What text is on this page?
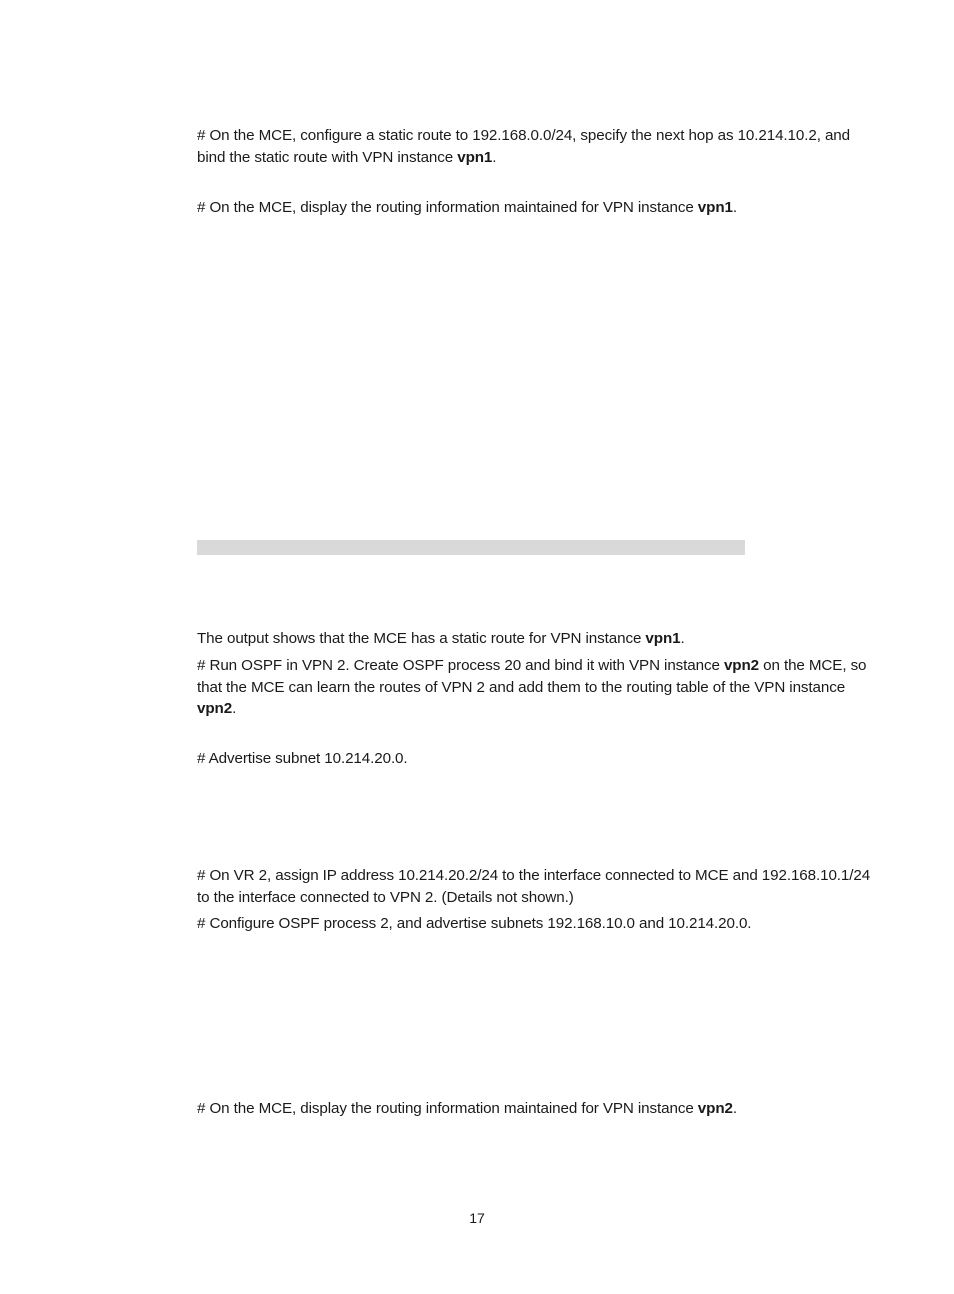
# On the MCE, configure a static route to 192.168.0.0/24, specify the next hop as 10.214.10.2, and bind the static route with VPN instance vpn1.

# On the MCE, display the routing information maintained for VPN instance vpn1.

The output shows that the MCE has a static route for VPN instance vpn1.

# Run OSPF in VPN 2. Create OSPF process 20 and bind it with VPN instance vpn2 on the MCE, so that the MCE can learn the routes of VPN 2 and add them to the routing table of the VPN instance vpn2.

# Advertise subnet 10.214.20.0.

# On VR 2, assign IP address 10.214.20.2/24 to the interface connected to MCE and 192.168.10.1/24 to the interface connected to VPN 2. (Details not shown.)

# Configure OSPF process 2, and advertise subnets 192.168.10.0 and 10.214.20.0.

# On the MCE, display the routing information maintained for VPN instance vpn2.

17
